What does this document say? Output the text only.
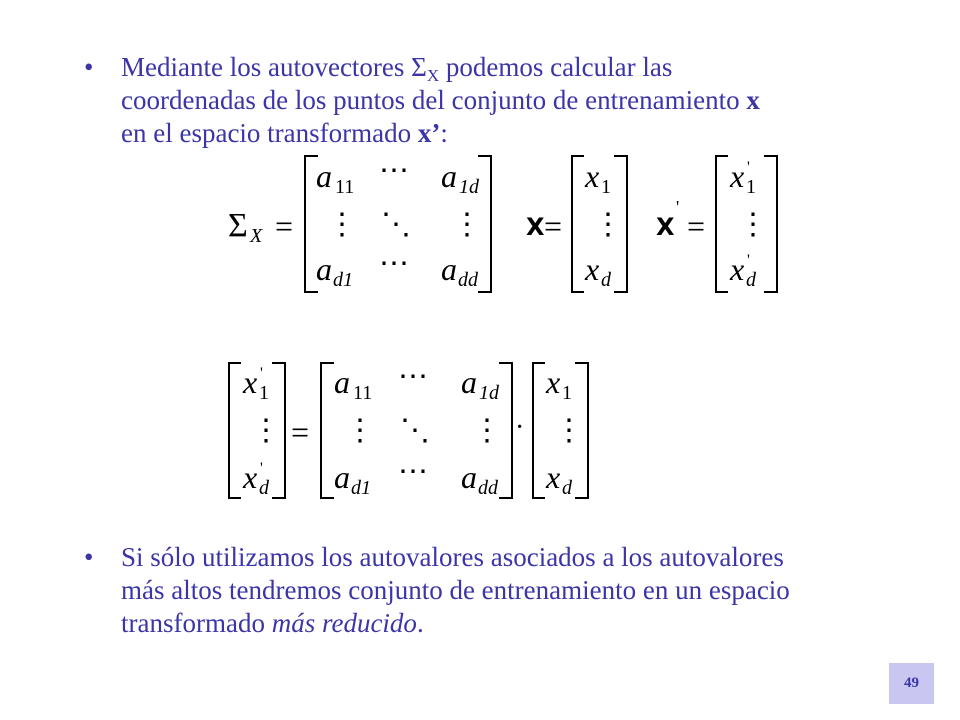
• Mediante los autovectores $\Sigma_X$ podemos calcular las
coordenadas de los puntos del conjunto de entrenamiento x
en el espacio transformado x’:
Σ X =
a 11 ⋯ a 1d
⋮ ⋱ ⋮
a d1 ⋯ a dd
X =
x 1
⋮
x d
X
'
=
x 1
'
⋮
x d
'
x 1
'
⋮
x d
'
=
a 11 ⋯ a 1d
⋮ ⋱ ⋮
a d1 ⋯ a dd
·
x 1
⋮
x d
• Si sólo utilizamos los autovalores asociados a los autovalores
más altos tendremos conjunto de entrenamiento en un espacio
transformado más reducido.
49
